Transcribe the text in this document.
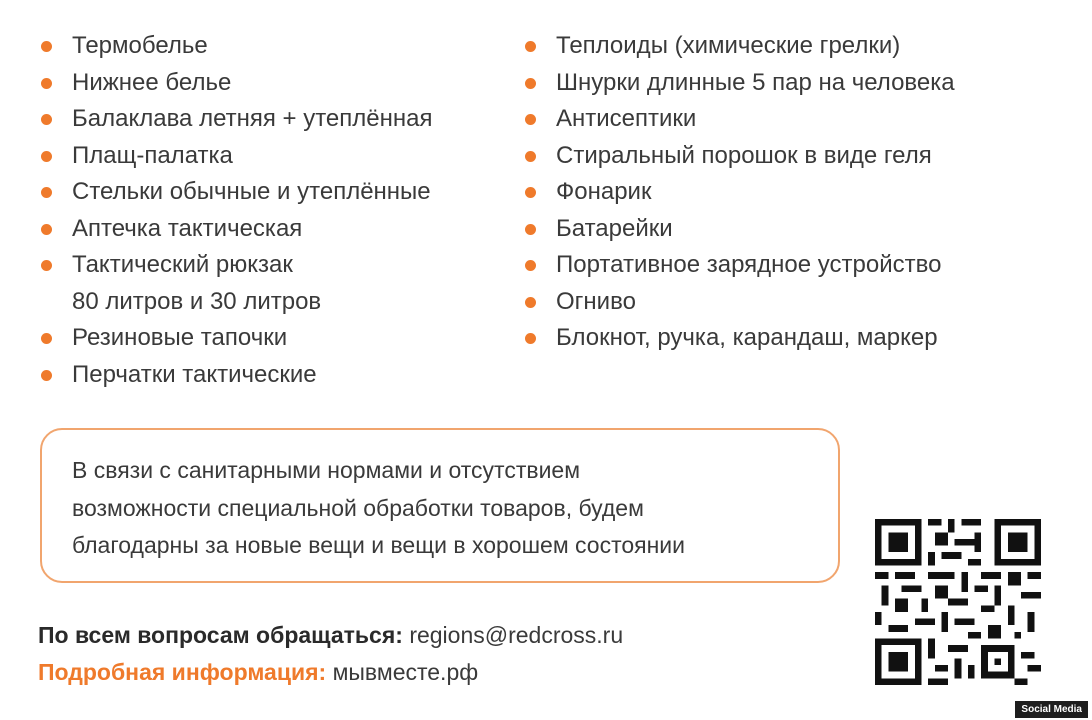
Термобелье
Нижнее белье
Балаклава летняя + утеплённая
Плащ-палатка
Стельки обычные и утеплённые
Аптечка тактическая
Тактический рюкзак
80 литров и 30 литров
Резиновые тапочки
Перчатки тактические
Теплоиды (химические грелки)
Шнурки длинные 5 пар на человека
Антисептики
Стиральный порошок в виде геля
Фонарик
Батарейки
Портативное зарядное устройство
Огниво
Блокнот, ручка, карандаш, маркер
В связи с санитарными нормами и отсутствием
возможности специальной обработки товаров, будем
благодарны за новые вещи и вещи в хорошем состоянии
По всем вопросам обращаться: regions@redcross.ru
Подробная информация: мывместе.рф
Social Media
